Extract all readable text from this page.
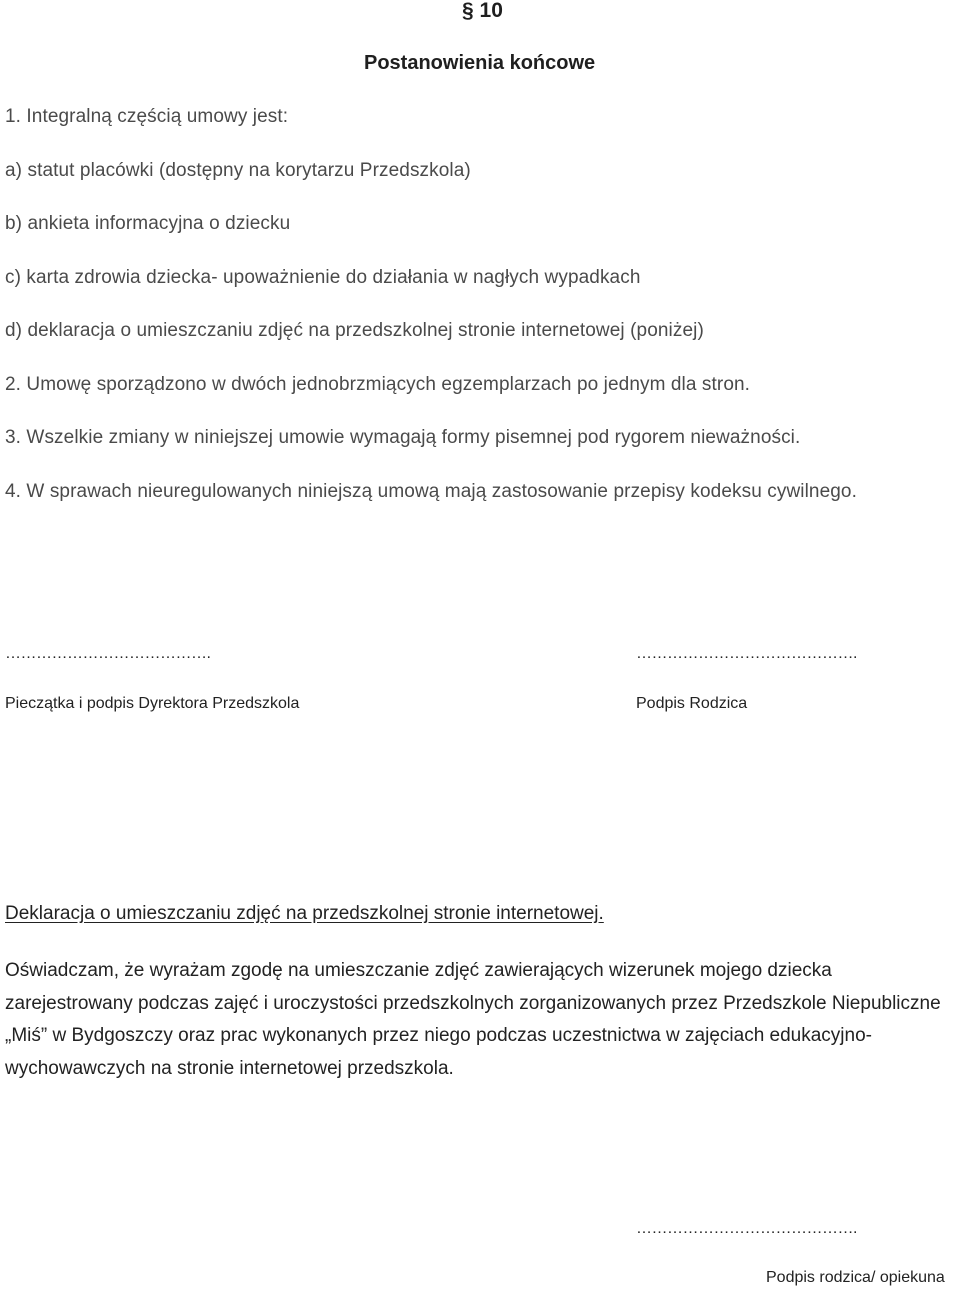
§ 10
Postanowienia końcowe
1. Integralną częścią umowy jest:
a) statut placówki (dostępny na korytarzu Przedszkola)
b) ankieta informacyjna o dziecku
c) karta zdrowia dziecka- upoważnienie do działania w nagłych wypadkach
d) deklaracja o umieszczaniu zdjęć na przedszkolnej stronie internetowej (poniżej)
2. Umowę sporządzono w dwóch jednobrzmiących egzemplarzach po jednym dla stron.
3. Wszelkie zmiany w niniejszej umowie wymagają formy pisemnej pod rygorem nieważności.
4. W sprawach nieuregulowanych niniejszą umową mają zastosowanie przepisy kodeksu cywilnego.
………………………………….
Pieczątka i podpis Dyrektora Przedszkola
…………………………………….
Podpis Rodzica
Deklaracja o umieszczaniu zdjęć na przedszkolnej stronie internetowej.
Oświadczam, że wyrażam zgodę na umieszczanie zdjęć zawierających wizerunek mojego dziecka zarejestrowany podczas zajęć i uroczystości przedszkolnych zorganizowanych przez Przedszkole Niepubliczne „Miś” w Bydgoszczy oraz prac wykonanych przez niego podczas uczestnictwa w zajęciach edukacyjno-wychowawczych na stronie internetowej przedszkola.
…………………………………….
Podpis rodzica/ opiekuna
